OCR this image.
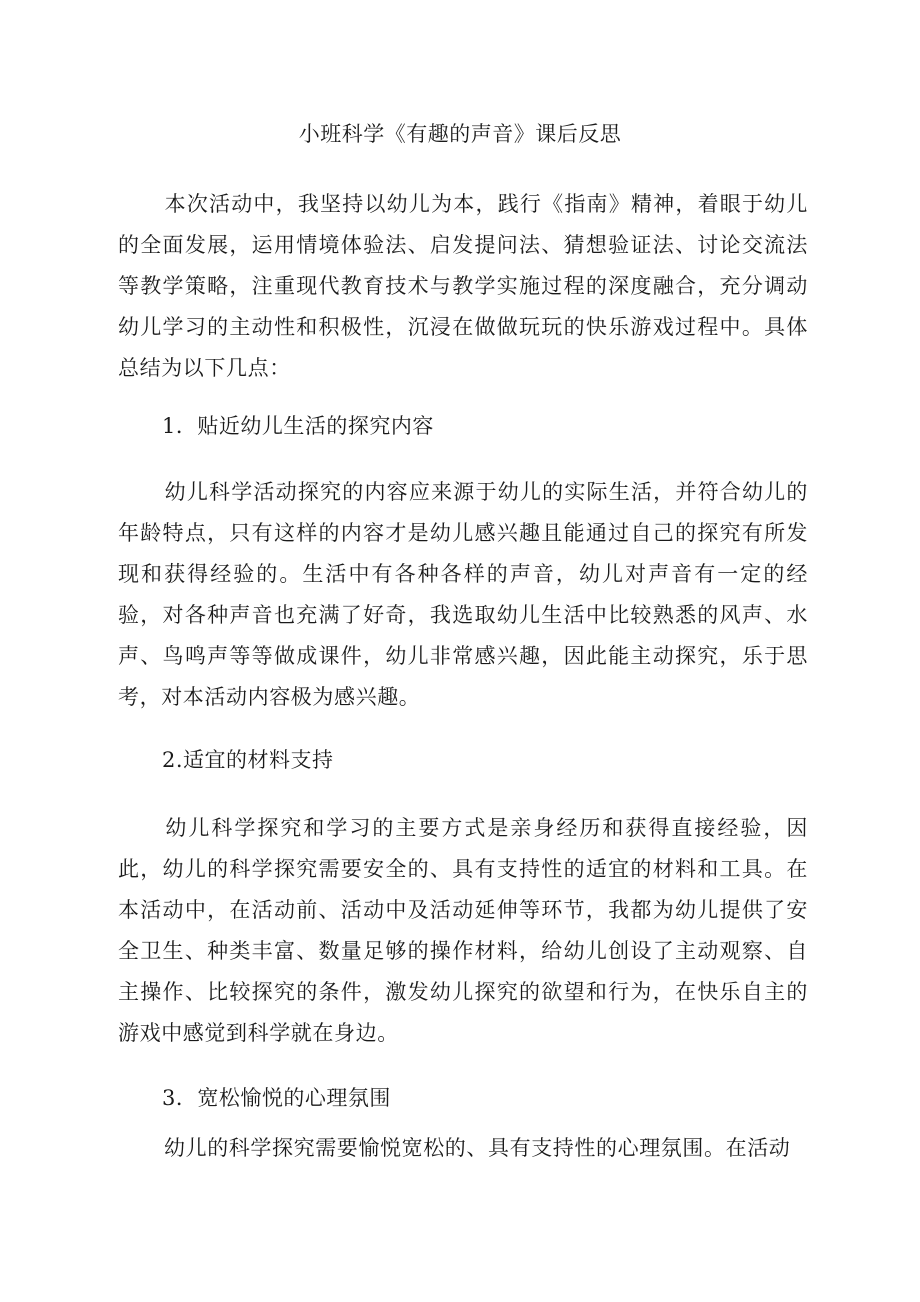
小班科学《有趣的声音》课后反思
本次活动中，我坚持以幼儿为本，践行《指南》精神，着眼于幼儿的全面发展，运用情境体验法、启发提问法、猜想验证法、讨论交流法等教学策略，注重现代教育技术与教学实施过程的深度融合，充分调动幼儿学习的主动性和积极性，沉浸在做做玩玩的快乐游戏过程中。具体总结为以下几点：
1．贴近幼儿生活的探究内容
幼儿科学活动探究的内容应来源于幼儿的实际生活，并符合幼儿的年龄特点，只有这样的内容才是幼儿感兴趣且能通过自己的探究有所发现和获得经验的。生活中有各种各样的声音，幼儿对声音有一定的经验，对各种声音也充满了好奇，我选取幼儿生活中比较熟悉的风声、水声、鸟鸣声等等做成课件，幼儿非常感兴趣，因此能主动探究，乐于思考，对本活动内容极为感兴趣。
2.适宜的材料支持
幼儿科学探究和学习的主要方式是亲身经历和获得直接经验，因此，幼儿的科学探究需要安全的、具有支持性的适宜的材料和工具。在本活动中，在活动前、活动中及活动延伸等环节，我都为幼儿提供了安全卫生、种类丰富、数量足够的操作材料，给幼儿创设了主动观察、自主操作、比较探究的条件，激发幼儿探究的欲望和行为，在快乐自主的游戏中感觉到科学就在身边。
3．宽松愉悦的心理氛围
幼儿的科学探究需要愉悦宽松的、具有支持性的心理氛围。在活动
